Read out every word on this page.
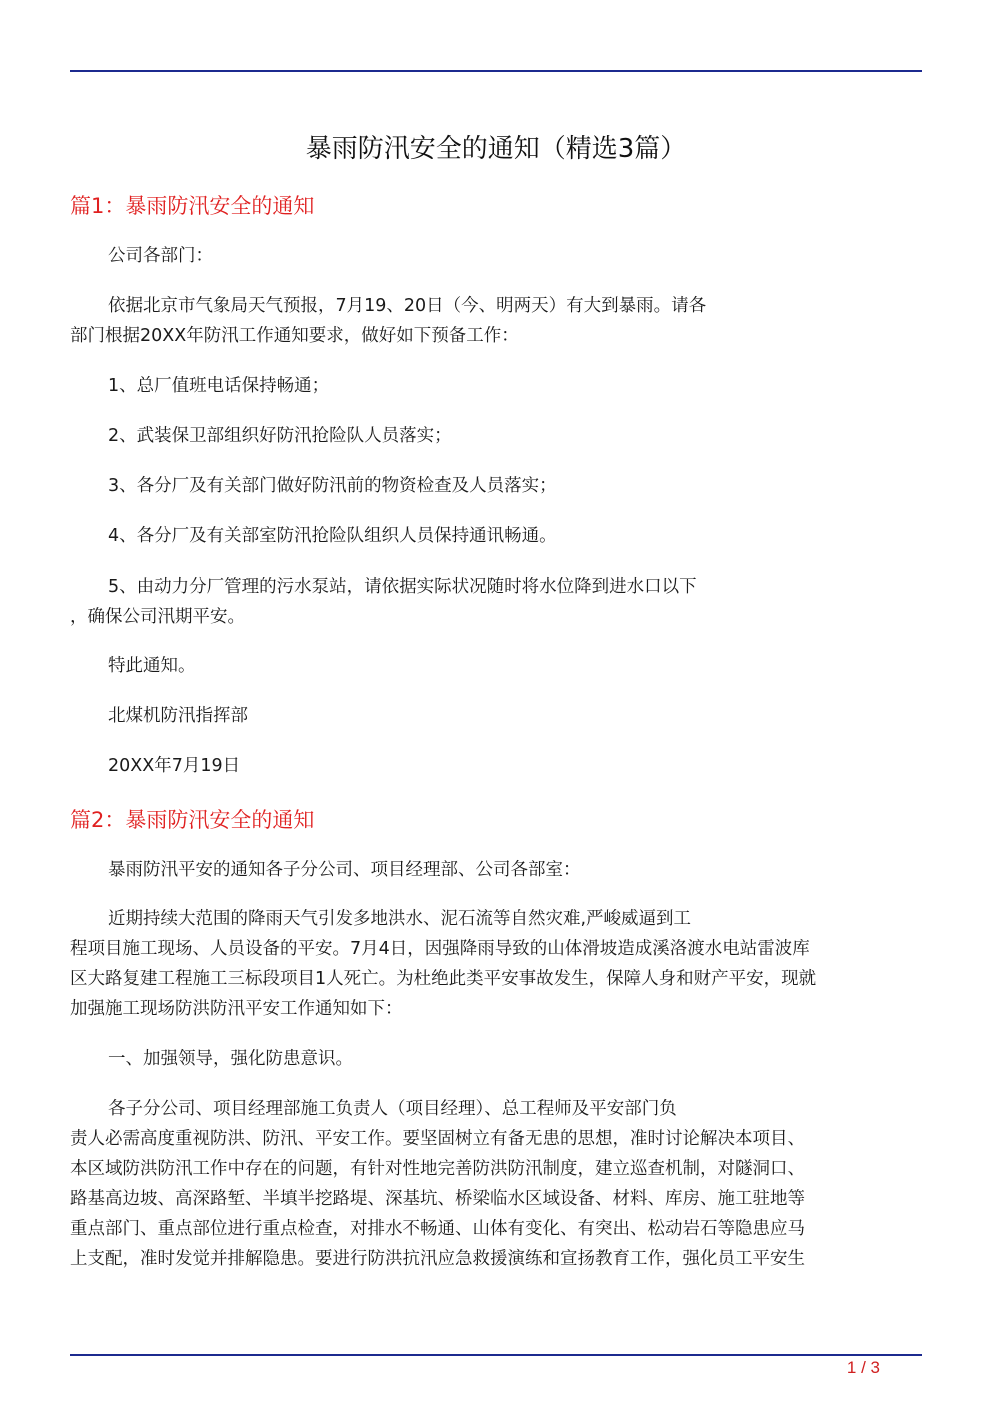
暴雨防汛安全的通知（精选3篇）
篇1：暴雨防汛安全的通知
公司各部门：
依据北京市气象局天气预报，7月19、20日（今、明两天）有大到暴雨。请各
部门根据20XX年防汛工作通知要求，做好如下预备工作：
1、总厂值班电话保持畅通；
2、武装保卫部组织好防汛抢险队人员落实；
3、各分厂及有关部门做好防汛前的物资检查及人员落实；
4、各分厂及有关部室防汛抢险队组织人员保持通讯畅通。
5、由动力分厂管理的污水泵站，请依据实际状况随时将水位降到进水口以下
，确保公司汛期平安。
特此通知。
北煤机防汛指挥部
20XX年7月19日
篇2：暴雨防汛安全的通知
暴雨防汛平安的通知各子分公司、项目经理部、公司各部室：
近期持续大范围的降雨天气引发多地洪水、泥石流等自然灾难,严峻威逼到工
程项目施工现场、人员设备的平安。7月4日，因强降雨导致的山体滑坡造成溪洛渡水电站雷波库
区大路复建工程施工三标段项目1人死亡。为杜绝此类平安事故发生，保障人身和财产平安，现就
加强施工现场防洪防汛平安工作通知如下：
一、加强领导，强化防患意识。
各子分公司、项目经理部施工负责人（项目经理）、总工程师及平安部门负
责人必需高度重视防洪、防汛、平安工作。要坚固树立有备无患的思想，准时讨论解决本项目、
本区域防洪防汛工作中存在的问题，有针对性地完善防洪防汛制度，建立巡查机制，对隧洞口、
路基高边坡、高深路堑、半填半挖路堤、深基坑、桥梁临水区域设备、材料、库房、施工驻地等
重点部门、重点部位进行重点检查，对排水不畅通、山体有变化、有突出、松动岩石等隐患应马
上支配，准时发觉并排解隐患。要进行防洪抗汛应急救援演练和宣扬教育工作，强化员工平安生
1 / 3
